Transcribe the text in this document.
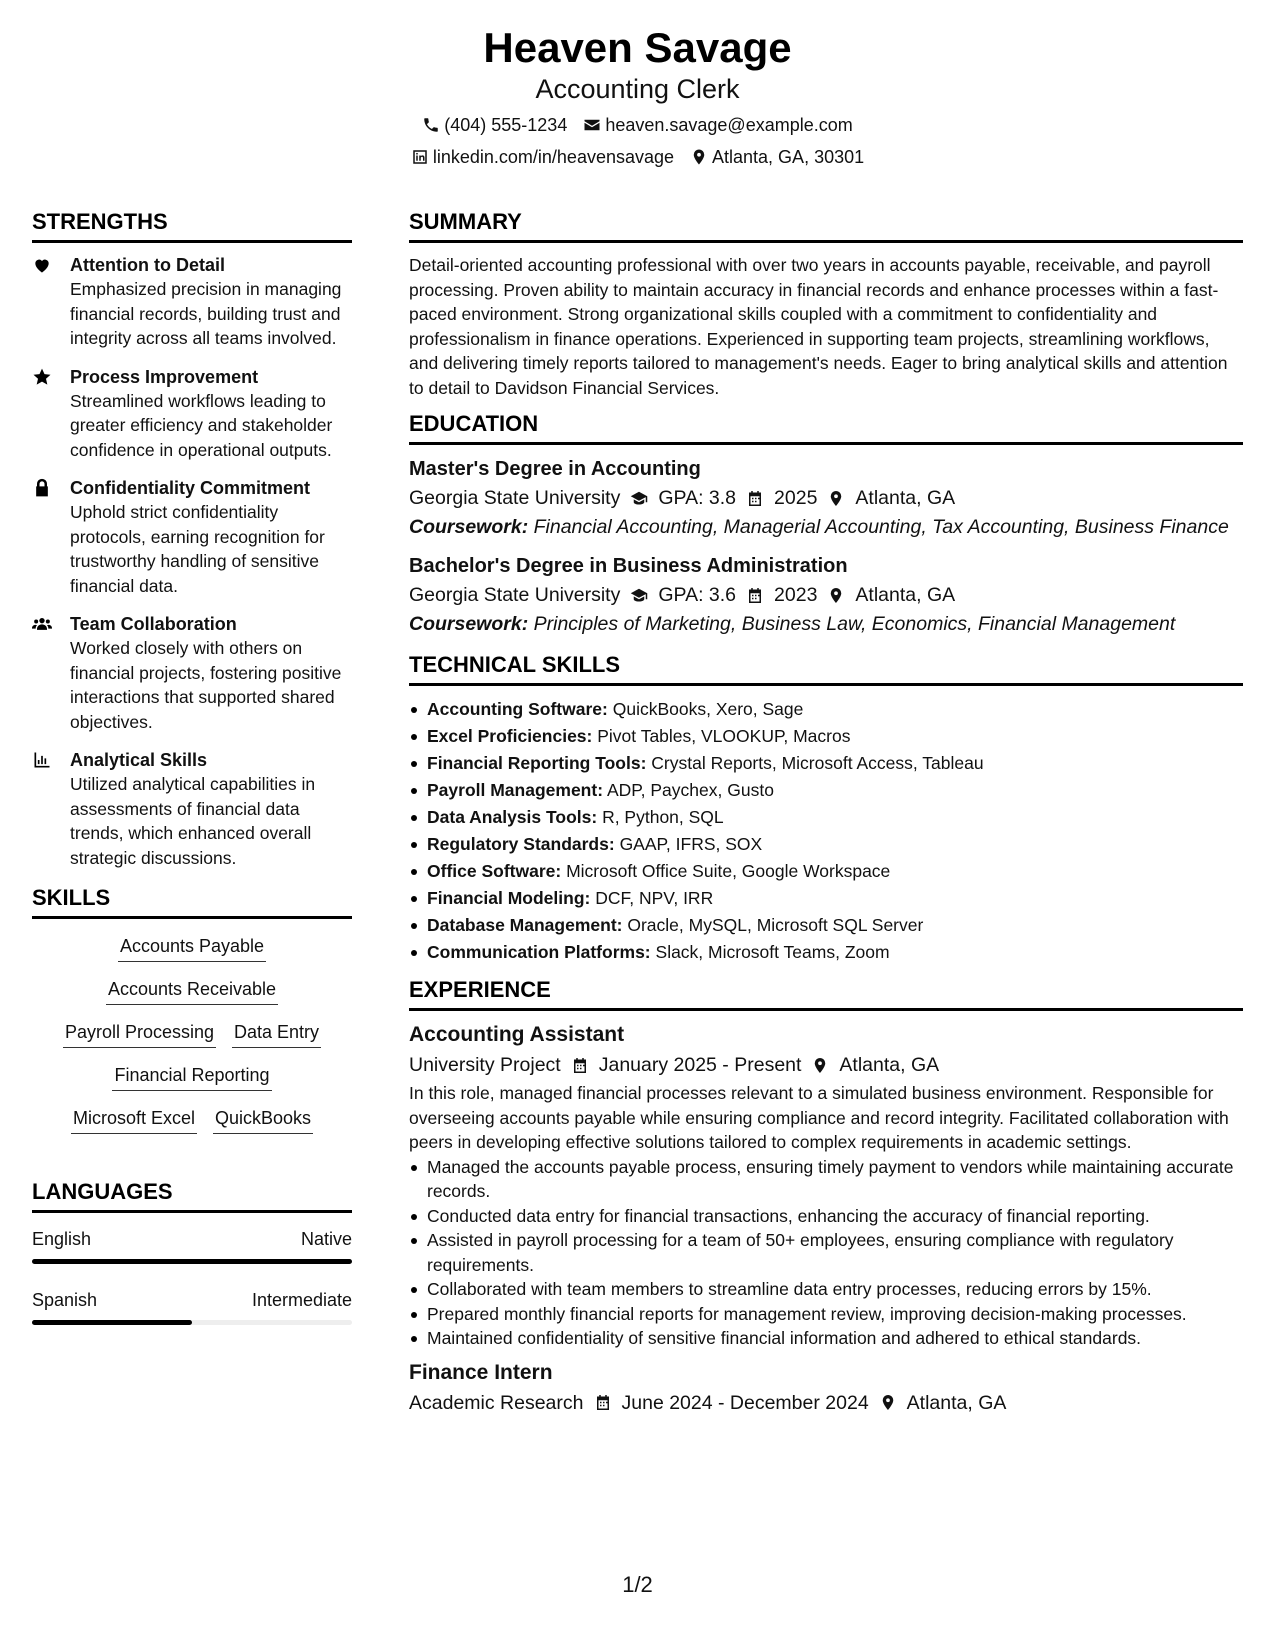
Heaven Savage
Accounting Clerk
(404) 555-1234 heaven.savage@example.com
linkedin.com/in/heavensavage Atlanta, GA, 30301
STRENGTHS
Attention to Detail
Emphasized precision in managing financial records, building trust and integrity across all teams involved.
Process Improvement
Streamlined workflows leading to greater efficiency and stakeholder confidence in operational outputs.
Confidentiality Commitment
Uphold strict confidentiality protocols, earning recognition for trustworthy handling of sensitive financial data.
Team Collaboration
Worked closely with others on financial projects, fostering positive interactions that supported shared objectives.
Analytical Skills
Utilized analytical capabilities in assessments of financial data trends, which enhanced overall strategic discussions.
SKILLS
Accounts Payable
Accounts Receivable
Payroll Processing Data Entry
Financial Reporting
Microsoft Excel QuickBooks
LANGUAGES
English	Native
Spanish	Intermediate
SUMMARY
Detail-oriented accounting professional with over two years in accounts payable, receivable, and payroll processing. Proven ability to maintain accuracy in financial records and enhance processes within a fast-paced environment. Strong organizational skills coupled with a commitment to confidentiality and professionalism in finance operations. Experienced in supporting team projects, streamlining workflows, and delivering timely reports tailored to management's needs. Eager to bring analytical skills and attention to detail to Davidson Financial Services.
EDUCATION
Master's Degree in Accounting
Georgia State University GPA: 3.8 2025 Atlanta, GA
Coursework: Financial Accounting, Managerial Accounting, Tax Accounting, Business Finance
Bachelor's Degree in Business Administration
Georgia State University GPA: 3.6 2023 Atlanta, GA
Coursework: Principles of Marketing, Business Law, Economics, Financial Management
TECHNICAL SKILLS
Accounting Software: QuickBooks, Xero, Sage
Excel Proficiencies: Pivot Tables, VLOOKUP, Macros
Financial Reporting Tools: Crystal Reports, Microsoft Access, Tableau
Payroll Management: ADP, Paychex, Gusto
Data Analysis Tools: R, Python, SQL
Regulatory Standards: GAAP, IFRS, SOX
Office Software: Microsoft Office Suite, Google Workspace
Financial Modeling: DCF, NPV, IRR
Database Management: Oracle, MySQL, Microsoft SQL Server
Communication Platforms: Slack, Microsoft Teams, Zoom
EXPERIENCE
Accounting Assistant
University Project January 2025 - Present Atlanta, GA
In this role, managed financial processes relevant to a simulated business environment. Responsible for overseeing accounts payable while ensuring compliance and record integrity. Facilitated collaboration with peers in developing effective solutions tailored to complex requirements in academic settings.
Managed the accounts payable process, ensuring timely payment to vendors while maintaining accurate records.
Conducted data entry for financial transactions, enhancing the accuracy of financial reporting.
Assisted in payroll processing for a team of 50+ employees, ensuring compliance with regulatory requirements.
Collaborated with team members to streamline data entry processes, reducing errors by 15%.
Prepared monthly financial reports for management review, improving decision-making processes.
Maintained confidentiality of sensitive financial information and adhered to ethical standards.
Finance Intern
Academic Research June 2024 - December 2024 Atlanta, GA
1/2
